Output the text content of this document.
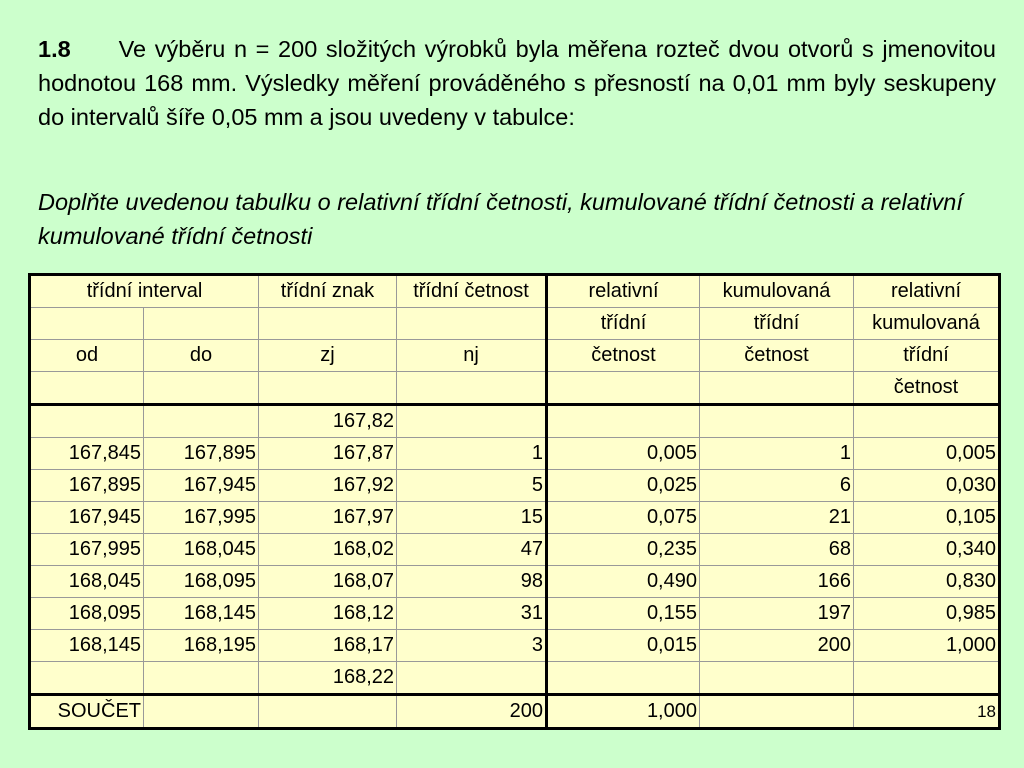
1.8 Ve výběru n = 200 složitých výrobků byla měřena rozteč dvou otvorů s jmenovitou hodnotou 168 mm. Výsledky měření prováděného s přesností na 0,01 mm byly seskupeny do intervalů šíře 0,05 mm a jsou uvedeny v tabulce:
Doplňte uvedenou tabulku o relativní třídní četnosti, kumulované třídní četnosti a relativní kumulované třídní četnosti
třídní interval		třídní znak	třídní četnost	relativní	kumulovaná	relativní
				třídní	třídní	kumulovaná
od	do	zj	nj	četnost	četnost	třídní
						četnost
		167,82				
167,845	167,895	167,87	1	0,005	1	0,005
167,895	167,945	167,92	5	0,025	6	0,030
167,945	167,995	167,97	15	0,075	21	0,105
167,995	168,045	168,02	47	0,235	68	0,340
168,045	168,095	168,07	98	0,490	166	0,830
168,095	168,145	168,12	31	0,155	197	0,985
168,145	168,195	168,17	3	0,015	200	1,000
		168,22				
SOUČET			200	1,000		18
